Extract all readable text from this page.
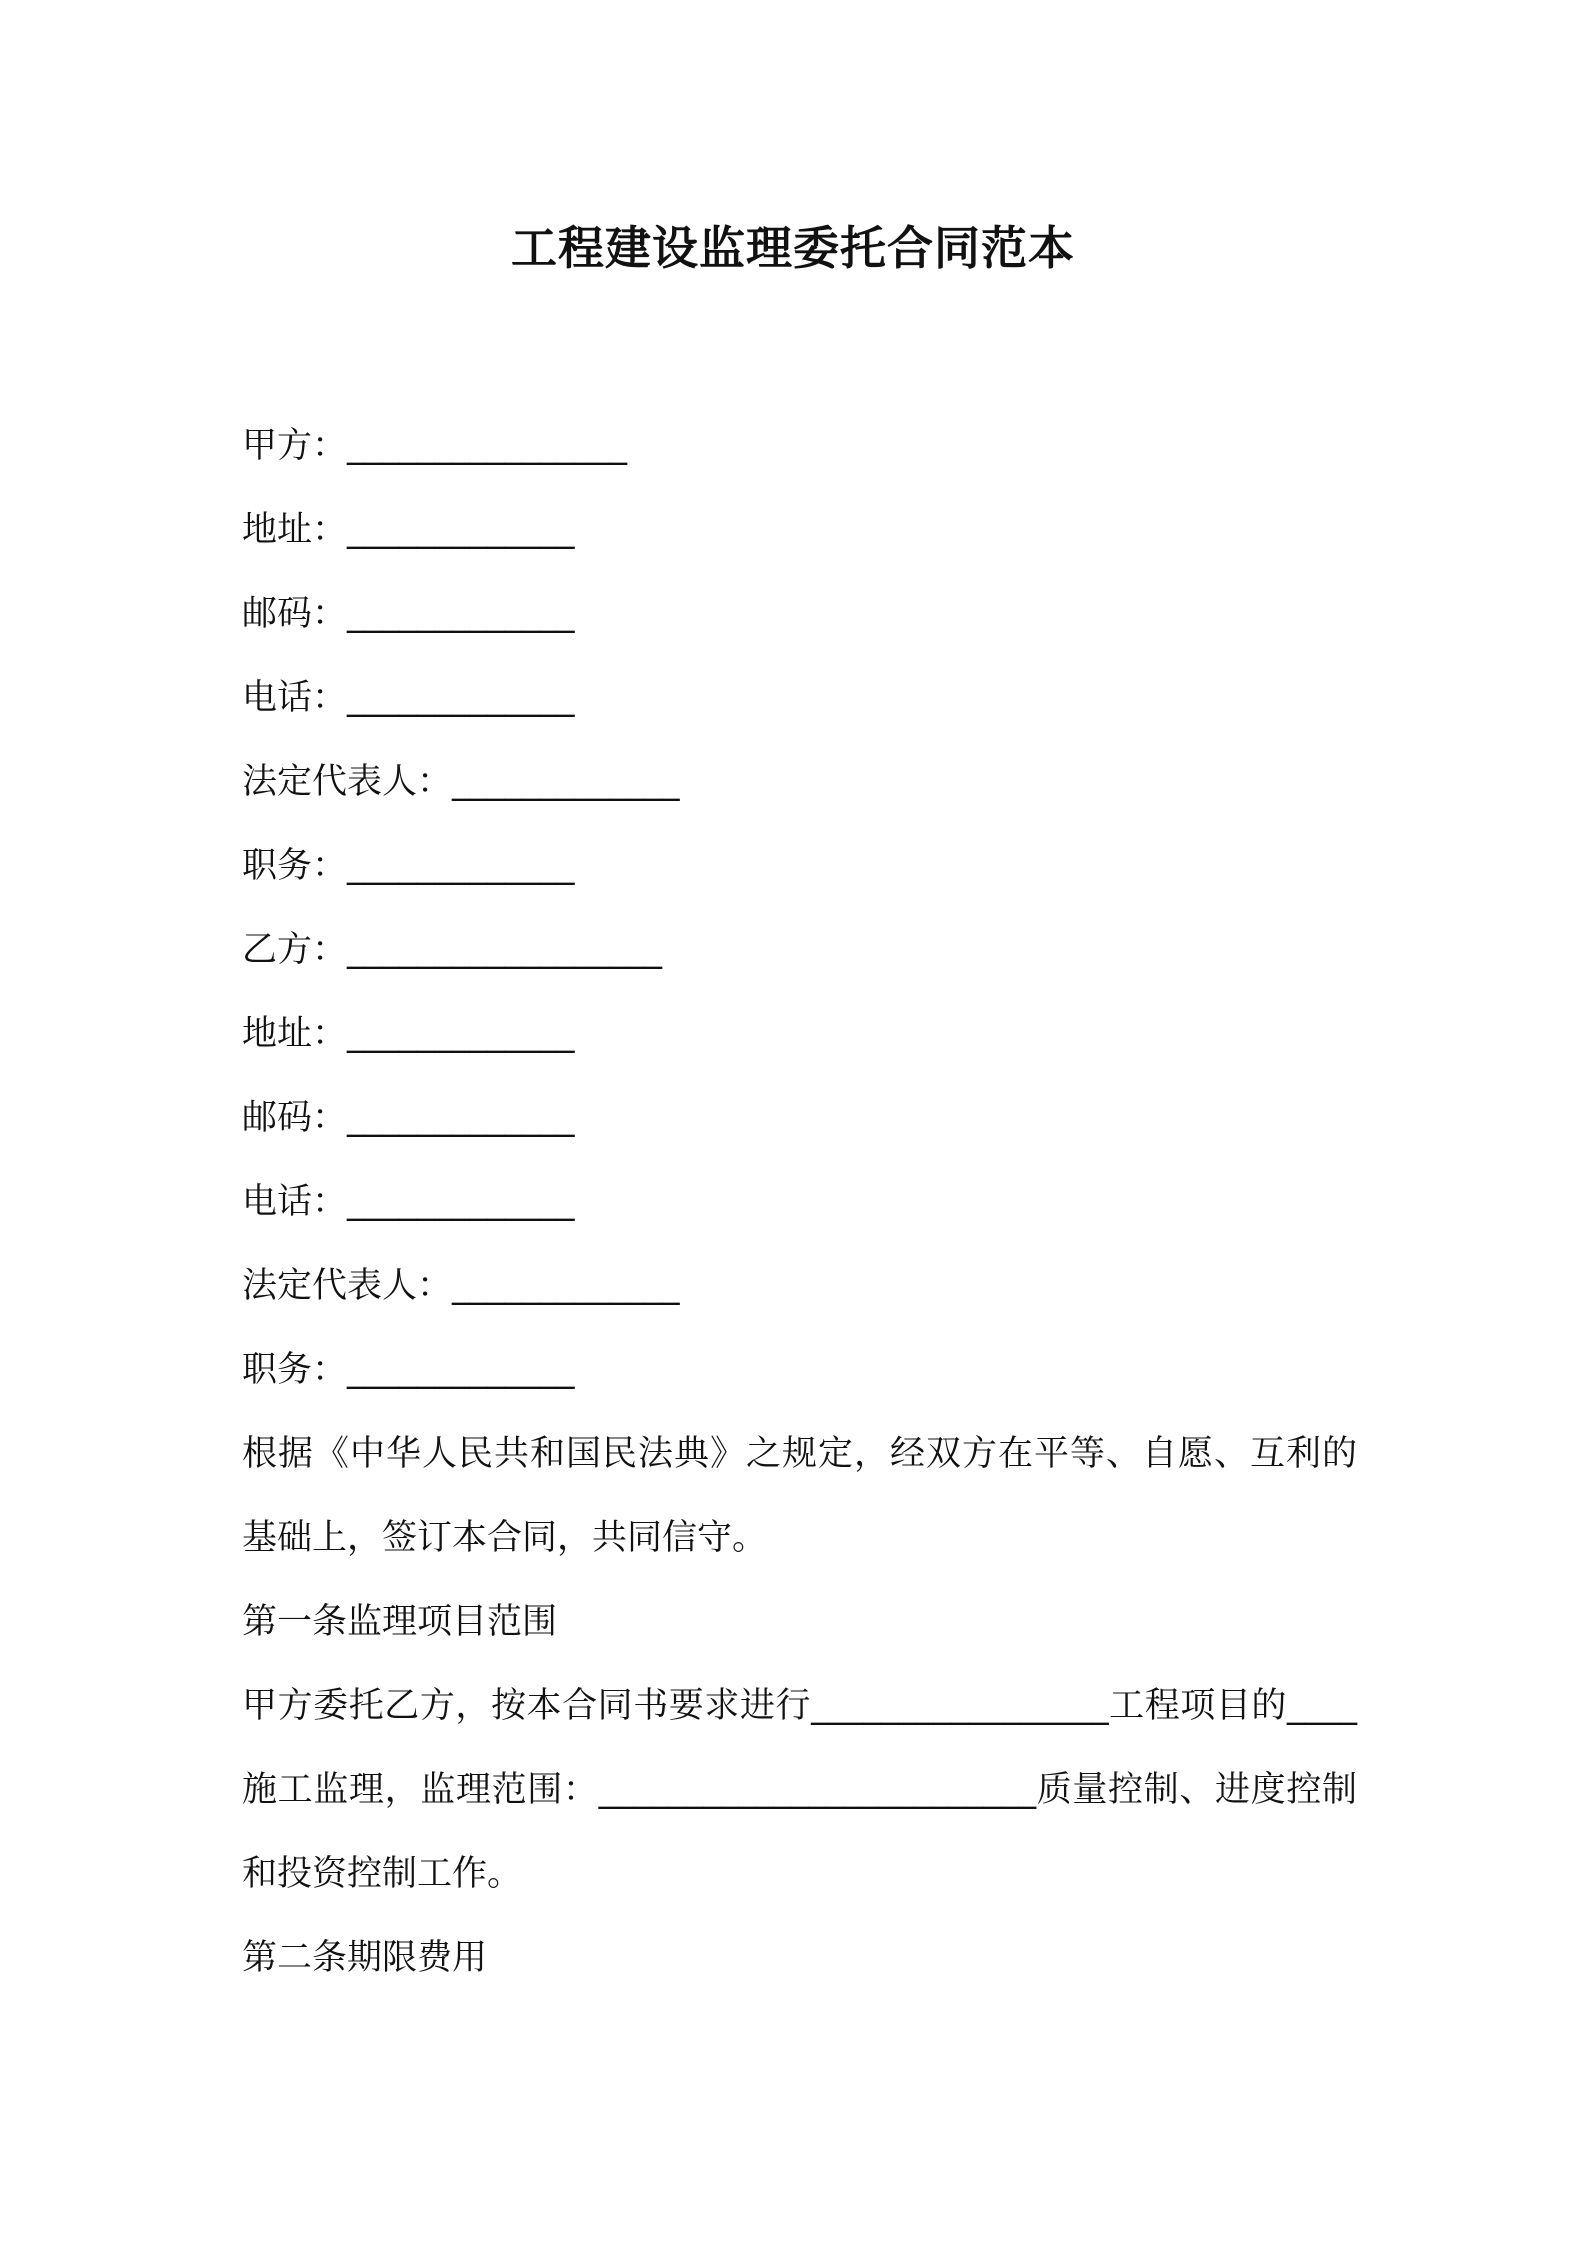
工程建设监理委托合同范本
甲方：________________
地址：_____________
邮码：_____________
电话：_____________
法定代表人：_____________
职务：_____________
乙方：__________________
地址：_____________
邮码：_____________
电话：_____________
法定代表人：_____________
职务：_____________
根据《中华人民共和国民法典》之规定，经双方在平等、自愿、互利的基础上，签订本合同，共同信守。
第一条监理项目范围
甲方委托乙方，按本合同书要求进行_________________工程项目的____施工监理，监理范围：_________________________质量控制、进度控制和投资控制工作。
第二条期限费用
